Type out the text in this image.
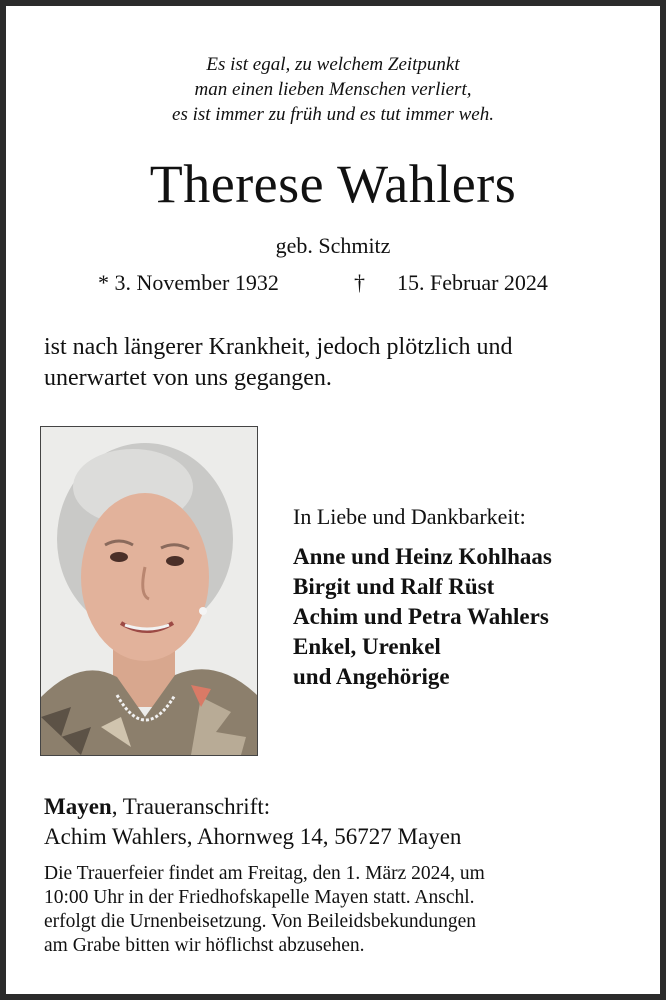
Es ist egal, zu welchem Zeitpunkt
man einen lieben Menschen verliert,
es ist immer zu früh und es tut immer weh.
Therese Wahlers
geb. Schmitz
* 3. November 1932	† 15. Februar 2024
ist nach längerer Krankheit, jedoch plötzlich und
unerwartet von uns gegangen.
In Liebe und Dankbarkeit:
Anne und Heinz Kohlhaas
Birgit und Ralf Rüst
Achim und Petra Wahlers
Enkel, Urenkel
und Angehörige
Mayen, Traueranschrift:
Achim Wahlers, Ahornweg 14, 56727 Mayen
Die Trauerfeier findet am Freitag, den 1. März 2024, um
10:00 Uhr in der Friedhofskapelle Mayen statt. Anschl.
erfolgt die Urnenbeisetzung. Von Beileidsbekundungen
am Grabe bitten wir höflichst abzusehen.
